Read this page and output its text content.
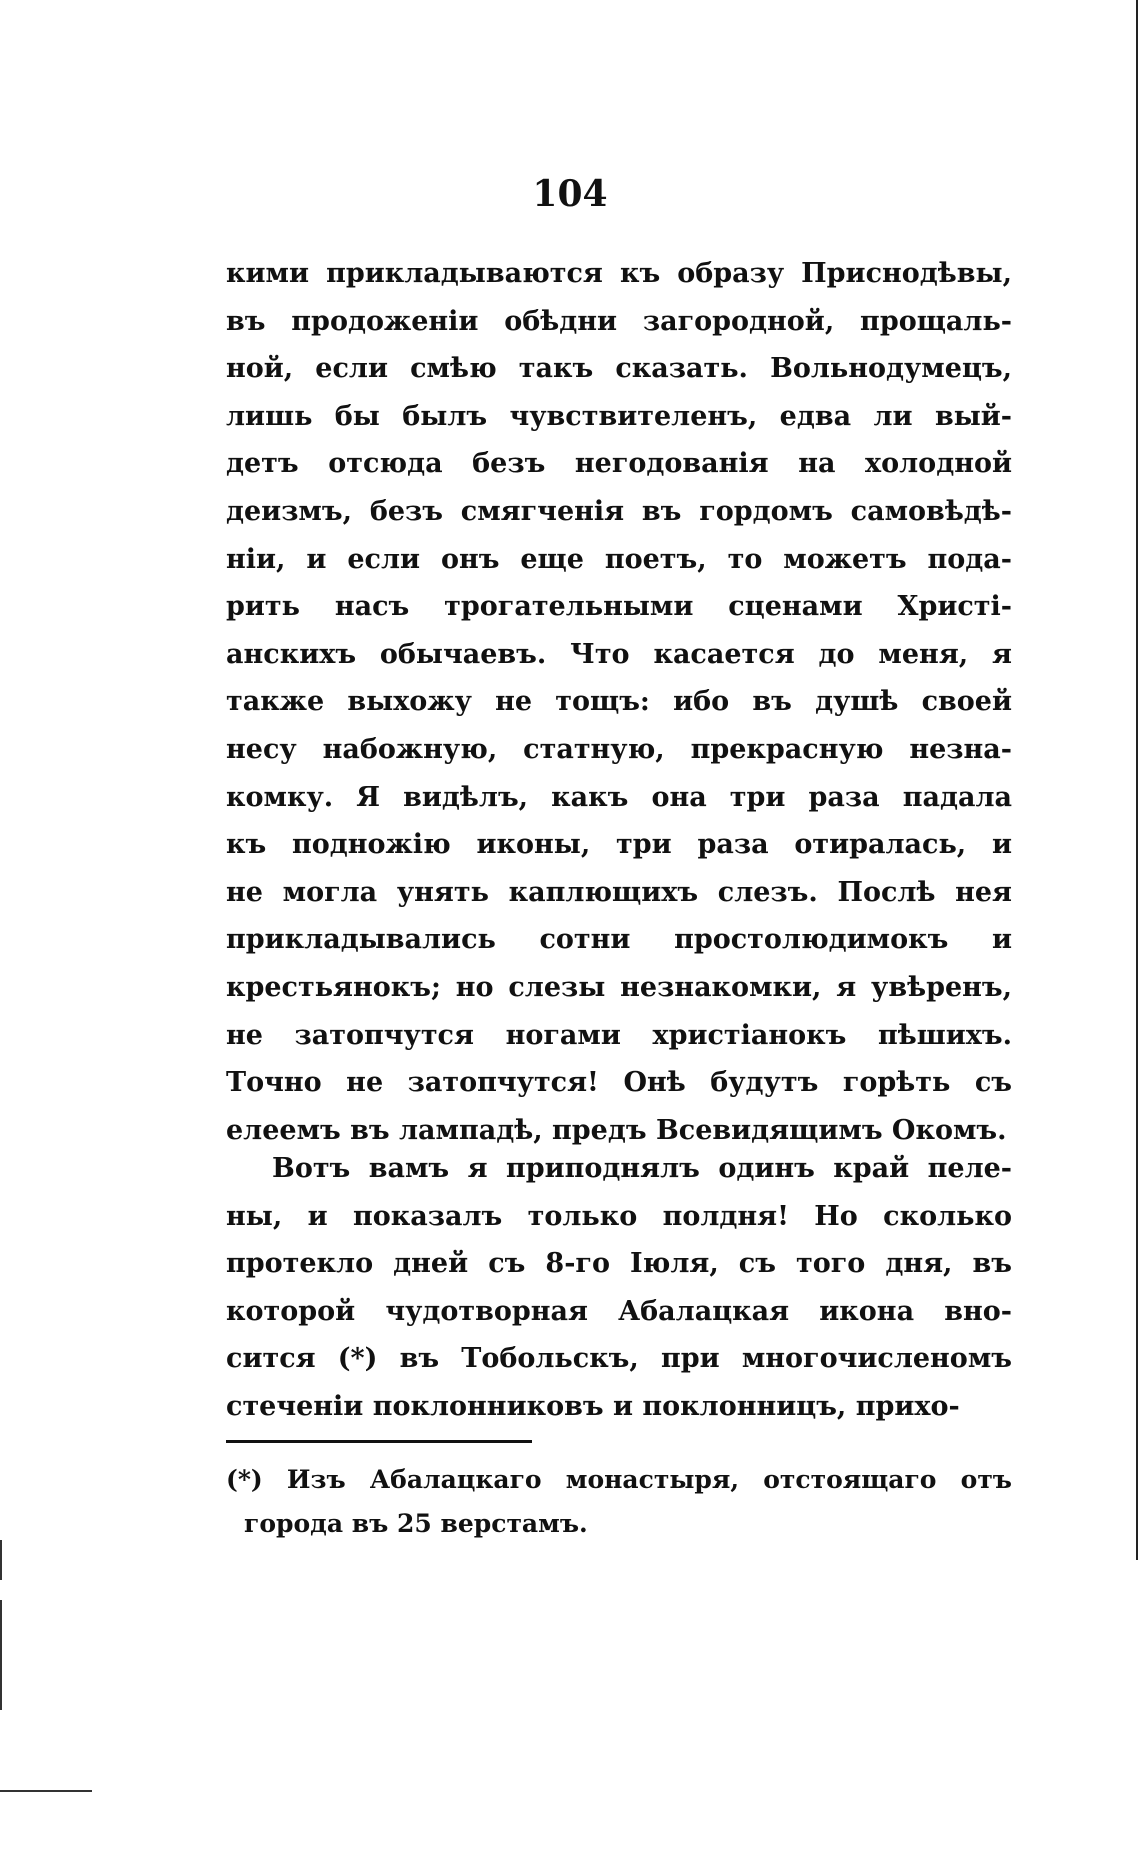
104
кими прикладываются къ образу Приснодѣвы,
въ продоженіи обѣдни загородной, прощаль-
ной, если смѣю такъ сказать. Вольнодумецъ,
лишь бы былъ чувствителенъ, едва ли вый-
детъ отсюда безъ негодованія на холодной
деизмъ, безъ смягченія въ гордомъ самовѣдѣ-
ніи, и если онъ еще поетъ, то можетъ пода-
рить насъ трогательными сценами Христі-
анскихъ обычаевъ. Что касается до меня, я
также выхожу не тощъ: ибо въ душѣ своей
несу набожную, статную, прекрасную незна-
комку. Я видѣлъ, какъ она три раза падала
къ подножію иконы, три раза отиралась, и
не могла унять каплющихъ слезъ. Послѣ нея
прикладывались сотни простолюдимокъ и
крестьянокъ; но слезы незнакомки, я увѣренъ,
не затопчутся ногами христіанокъ пѣшихъ.
Точно не затопчутся! Онѣ будутъ горѣть съ
елеемъ въ лампадѣ, предъ Всевидящимъ Окомъ.
Вотъ вамъ я приподнялъ одинъ край пеле-
ны, и показалъ только полдня! Но сколько
протекло дней съ 8-го Іюля, съ того дня, въ
которой чудотворная Абалацкая икона вно-
сится (*) въ Тобольскъ, при многочисленомъ
стеченіи поклонниковъ и поклонницъ, прихо-
(*) Изъ Абалацкаго монастыря, отстоящаго отъ
города въ 25 верстамъ.
